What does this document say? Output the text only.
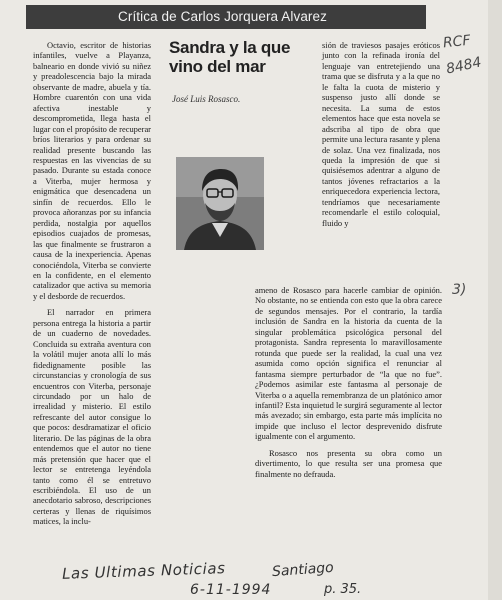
Crítica de Carlos Jorquera Alvarez
Sandra y la que
vino del mar
José Luis Rosasco.

Octavio, escritor de historias infantiles, vuelve a Playanza, balneario en donde vivió su niñez y preadolescencia bajo la mirada observante de madre, abuela y tía. Hombre cuarentón con una vida afectiva inestable y descomprometida, llega hasta el lugar con el propósito de recuperar bríos literarios y para ordenar su realidad presente buscando las respuestas en las vivencias de su pasado. Durante su estada conoce a Viterba, mujer hermosa y enigmática que desencadena un sinfín de recuerdos. Ello le provoca añoranzas por su infancia perdida, nostalgia por aquellos episodios cuajados de promesas, las que finalmente se frustraron a causa de la inexperiencia. Apenas conociéndola, Viterba se convierte en la confidente, en el elemento catalizador que activa su memoria y el desborde de recuerdos.

El narrador en primera persona entrega la historia a partir de un cuaderno de novedades. Concluida su extraña aventura con la volátil mujer anota allí lo más fidedignamente posible las circunstancias y cronología de sus encuentros con Viterba, personaje circundado por un halo de irrealidad y misterio. El estilo refrescante del autor consigue lo que pocos: desdramatizar el oficio literario. De las páginas de la obra entendemos que el autor no tiene más pretensión que hacer que el lector se entretenga leyéndola tanto como él se entretuvo escribiéndola. El uso de un anecdotario sabroso, descripciones certeras y llenas de riquísimos matices, la inclu-

sión de traviesos pasajes eróticos junto con la refinada ironía del lenguaje van entretejiendo una trama que se disfruta y a la que no le falta la cuota de misterio y suspenso justo allí donde se necesita. La suma de estos elementos hace que esta novela se adscriba al tipo de obra que permite una lectura rasante y plena de solaz. Una vez finalizada, nos queda la impresión de que si quisiésemos adentrar a alguno de tantos jóvenes refractarios a la enriquecedora experiencia lectora, tendríamos que necesariamente recomendarle el estilo coloquial, fluido y

ameno de Rosasco para hacerle cambiar de opinión. No obstante, no se entienda con esto que la obra carece de segundos mensajes. Por el contrario, la tardía inclusión de Sandra en la historia da cuenta de la singular problemática psicológica personal del protagonista. Sandra representa lo maravillosamente rotunda que puede ser la realidad, la cual una vez asumida como opción significa el renunciar al fantasma siempre perturbador de “la que no fue”. ¿Podemos asimilar este fantasma al personaje de Viterba o a aquella remembranza de un platónico amor infantil? Esta inquietud le surgirá seguramente al lector más avezado; sin embargo, esta parte más implícita no impide que incluso el lector desprevenido disfrute igualmente con el argumento.

Rosasco nos presenta su obra como un divertimento, lo que resulta ser una promesa que finalmente no defrauda.

RCF
8484
3)
Las Ultimas Noticias	Santiago
6-11-1994	p. 35.
